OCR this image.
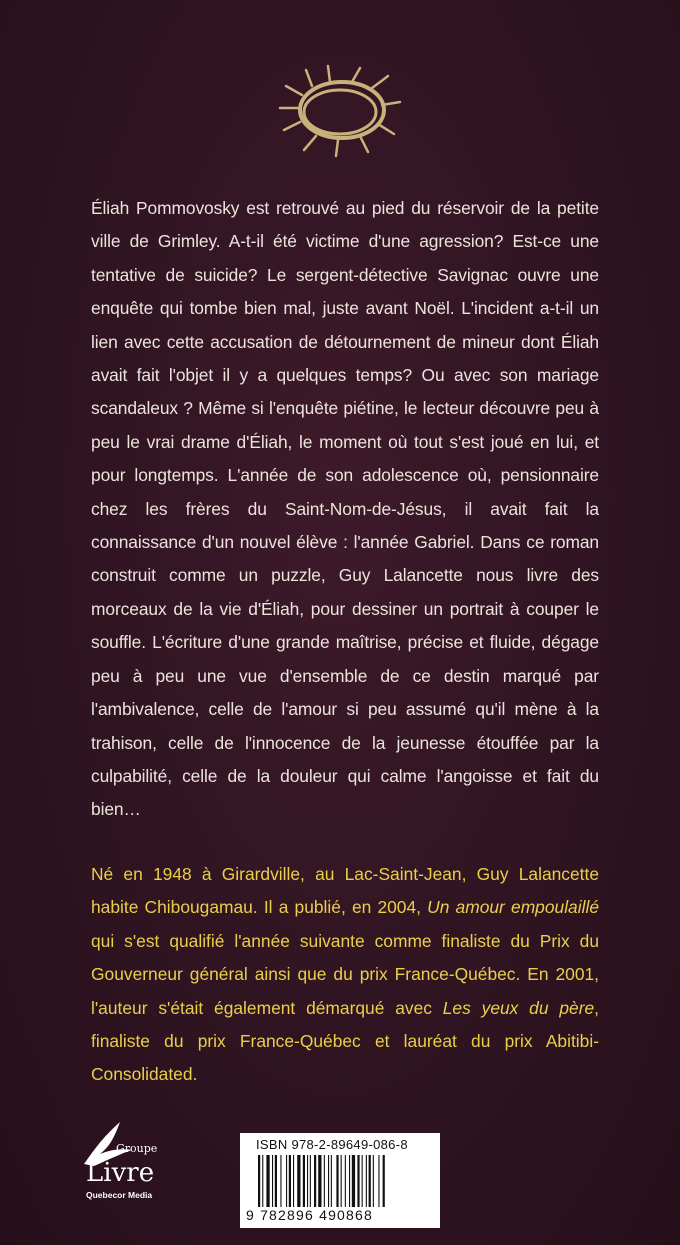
Éliah Pommovosky est retrouvé au pied du réservoir de la petite ville de Grimley. A-t-il été victime d'une agression? Est-ce une tentative de suicide? Le sergent-détective Savignac ouvre une enquête qui tombe bien mal, juste avant Noël. L'incident a-t-il un lien avec cette accusation de détournement de mineur dont Éliah avait fait l'objet il y a quelques temps? Ou avec son mariage scandaleux ? Même si l'enquête piétine, le lecteur découvre peu à peu le vrai drame d'Éliah, le moment où tout s'est joué en lui, et pour longtemps. L'année de son adolescence où, pensionnaire chez les frères du Saint-Nom-de-Jésus, il avait fait la connaissance d'un nouvel élève : l'année Gabriel. Dans ce roman construit comme un puzzle, Guy Lalancette nous livre des morceaux de la vie d'Éliah, pour dessiner un portrait à couper le souffle. L'écriture d'une grande maîtrise, précise et fluide, dégage peu à peu une vue d'ensemble de ce destin marqué par l'ambivalence, celle de l'amour si peu assumé qu'il mène à la trahison, celle de l'innocence de la jeunesse étouffée par la culpabilité, celle de la douleur qui calme l'angoisse et fait du bien…
Né en 1948 à Girardville, au Lac-Saint-Jean, Guy Lalancette habite Chibougamau. Il a publié, en 2004, Un amour empoulaillé qui s'est qualifié l'année suivante comme finaliste du Prix du Gouverneur général ainsi que du prix France-Québec. En 2001, l'auteur s'était également démarqué avec Les yeux du père, finaliste du prix France-Québec et lauréat du prix Abitibi-Consolidated.
Groupe
Livre
Quebecor Media
ISBN 978-2-89649-086-8
9 782896 490868
